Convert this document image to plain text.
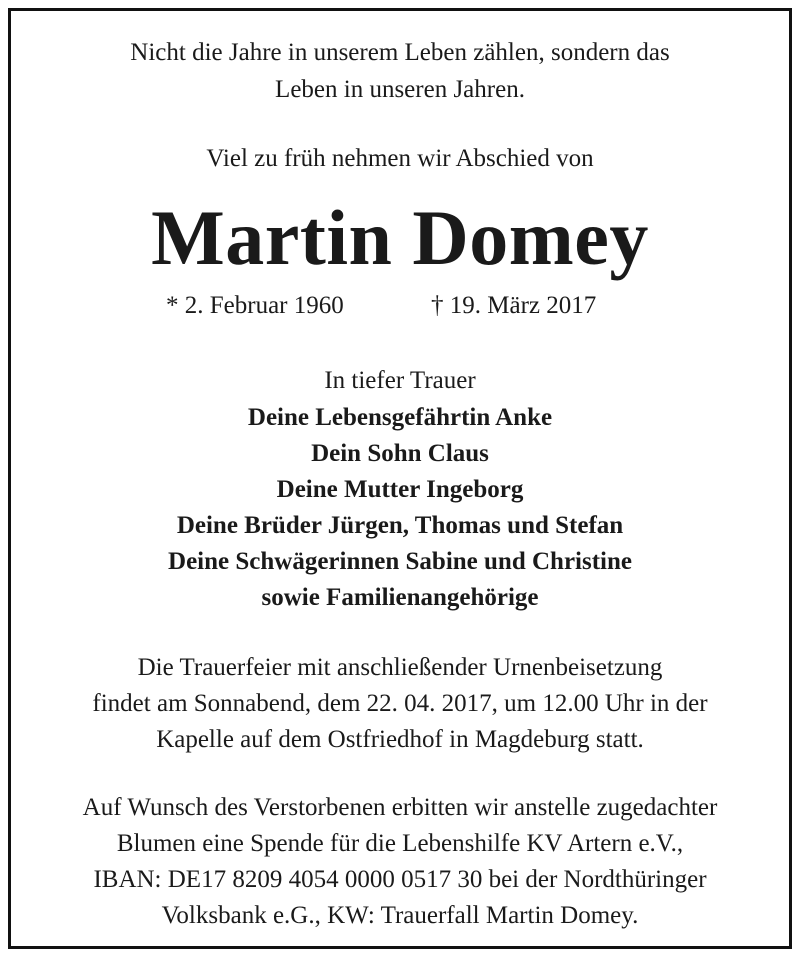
Nicht die Jahre in unserem Leben zählen, sondern das
Leben in unseren Jahren.
Viel zu früh nehmen wir Abschied von
Martin Domey
* 2. Februar 1960	† 19. März 2017
In tiefer Trauer
Deine Lebensgefährtin Anke
Dein Sohn Claus
Deine Mutter Ingeborg
Deine Brüder Jürgen, Thomas und Stefan
Deine Schwägerinnen Sabine und Christine
sowie Familienangehörige
Die Trauerfeier mit anschließender Urnenbeisetzung
findet am Sonnabend, dem 22. 04. 2017, um 12.00 Uhr in der
Kapelle auf dem Ostfriedhof in Magdeburg statt.
Auf Wunsch des Verstorbenen erbitten wir anstelle zugedachter
Blumen eine Spende für die Lebenshilfe KV Artern e.V.,
IBAN: DE17 8209 4054 0000 0517 30 bei der Nordthüringer
Volksbank e.G., KW: Trauerfall Martin Domey.
